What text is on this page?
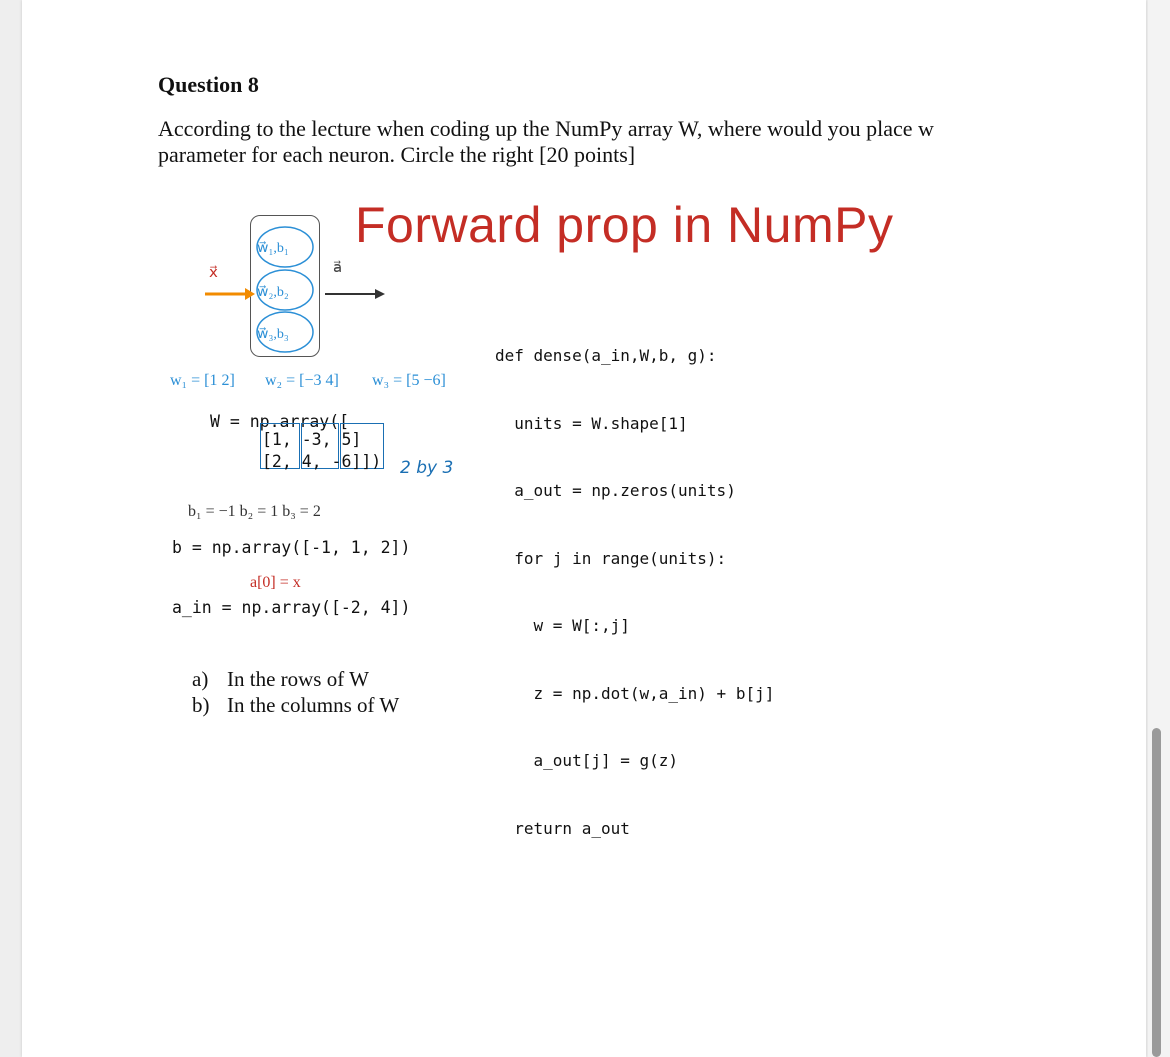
Question 8
According to the lecture when coding up the NumPy array W, where would you place w parameter for each neuron. Circle the right [20 points]
Forward prop in NumPy
x⃗
w⃗₁,b₁
w⃗₂,b₂
w⃗₃,b₃
a⃗
w₁ = [1 2] w₂ = [−3 4] w₃ = [5 −6]
W = np.array([
[1, -3, 5]
[2, 4, -6]]) 2 by 3
b₁ = −1 b₂ = 1 b₃ = 2
b = np.array([-1, 1, 2])
a[0] = x
a_in = np.array([-2, 4])

def dense(a_in,W,b, g):

units = W.shape[1]

a_out = np.zeros(units)

for j in range(units):

w = W[:,j]

z = np.dot(w,a_in) + b[j]

a_out[j] = g(z)

return a_out

a) In the rows of W
b) In the columns of W
